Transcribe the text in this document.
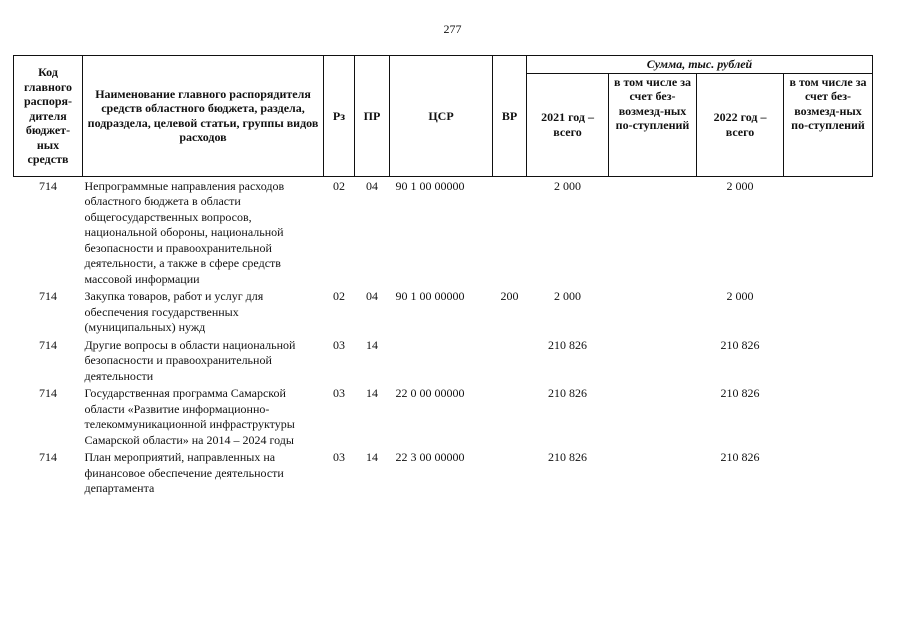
277
Код главного распоря-дителя бюджет-ных средств	Наименование главного распорядителя средств областного бюджета, раздела, подраздела, целевой статьи, группы видов расходов	Рз	ПР	ЦСР	ВР	Сумма, тыс. рублей			
						2021 год – всего	в том числе за счет без-возмезд-ных по-ступлений	2022 год – всего	в том числе за счет без-возмезд-ных по-ступлений
714	Непрограммные направления расходов областного бюджета в области общегосударственных вопросов, национальной обороны, национальной безопасности и правоохранительной деятельности, а также в сфере средств массовой информации	02	04	90 1 00 00000		2 000		2 000	
714	Закупка товаров, работ и услуг для обеспечения государственных (муниципальных) нужд	02	04	90 1 00 00000	200	2 000		2 000	
714	Другие вопросы в области национальной безопасности и правоохранительной деятельности	03	14			210 826		210 826	
714	Государственная программа Самарской области «Развитие информационно-телекоммуникационной инфраструктуры Самарской области» на 2014 – 2024 годы	03	14	22 0 00 00000		210 826		210 826	
714	План мероприятий, направленных на финансовое обеспечение деятельности департамента	03	14	22 3 00 00000		210 826		210 826	
